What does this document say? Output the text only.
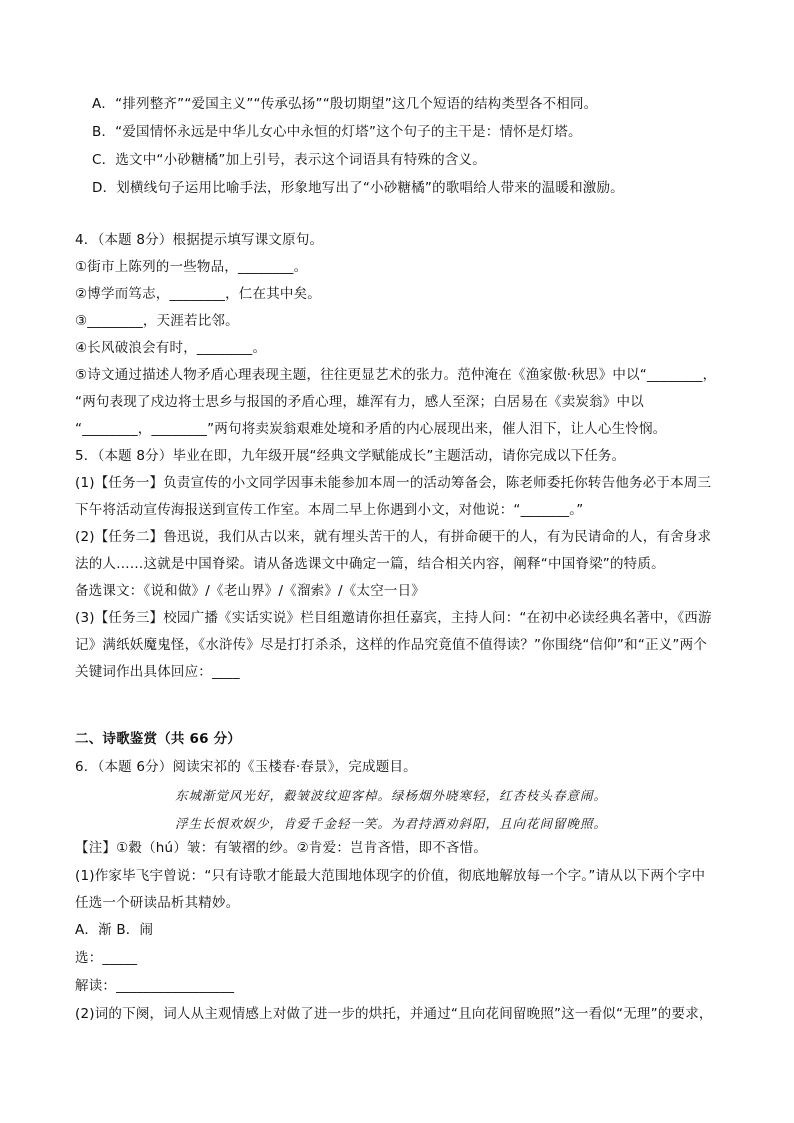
A．“排列整齐”“爱国主义”“传承弘扬”“殷切期望”这几个短语的结构类型各不相同。
B．“爱国情怀永远是中华儿女心中永恒的灯塔”这个句子的主干是：情怀是灯塔。
C．选文中“小砂糖橘”加上引号，表示这个词语具有特殊的含义。
D．划横线句子运用比喻手法，形象地写出了“小砂糖橘”的歌唱给人带来的温暖和激励。
4．（本题 8分）根据提示填写课文原句。
①街市上陈列的一些物品，________。
②博学而笃志，________，仁在其中矣。
③________，天涯若比邻。
④长风破浪会有时，________。
⑤诗文通过描述人物矛盾心理表现主题，往往更显艺术的张力。范仲淹在《渔家傲·秋思》中以“________，
“两句表现了戍边将士思乡与报国的矛盾心理，雄浑有力，感人至深；白居易在《卖炭翁》中以
“________，________”两句将卖炭翁艰难处境和矛盾的内心展现出来，催人泪下，让人心生怜悯。
5．（本题 8分）毕业在即，九年级开展“经典文学赋能成长”主题活动，请你完成以下任务。
(1)【任务一】负责宣传的小文同学因事未能参加本周一的活动筹备会，陈老师委托你转告他务必于本周三
下午将活动宣传海报送到宣传工作室。本周二早上你遇到小文，对他说：“_______。”
(2)【任务二】鲁迅说，我们从古以来，就有埋头苦干的人，有拼命硬干的人，有为民请命的人，有舍身求
法的人……这就是中国脊梁。请从备选课文中确定一篇，结合相关内容，阐释“中国脊梁”的特质。
备选课文：《说和做》/《老山界》/《溜索》/《太空一日》
(3)【任务三】校园广播《实话实说》栏目组邀请你担任嘉宾，主持人问：“在初中必读经典名著中，《西游
记》满纸妖魔鬼怪，《水浒传》尽是打打杀杀，这样的作品究竟值不值得读？”你围绕“信仰”和“正义”两个
关键词作出具体回应：____
二、诗歌鉴赏（共 66 分）
6．（本题 6分）阅读宋祁的《玉楼春·春景》，完成题目。
东城渐觉风光好，縠皱波纹迎客棹。绿杨烟外晓寒轻，红杏枝头春意闹。
浮生长恨欢娱少，肯爱千金轻一笑。为君持酒劝斜阳，且向花间留晚照。
【注】①縠（hú）皱：有皱褶的纱。②肯爱：岂肯吝惜，即不吝惜。
(1)作家毕飞宇曾说：“只有诗歌才能最大范围地体现字的价值，彻底地解放每一个字。”请从以下两个字中
任选一个研读品析其精妙。
A．渐 B．闹
选：_____
解读：_________________
(2)词的下阕，词人从主观情感上对做了进一步的烘托，并通过“且向花间留晚照”这一看似“无理”的要求，
